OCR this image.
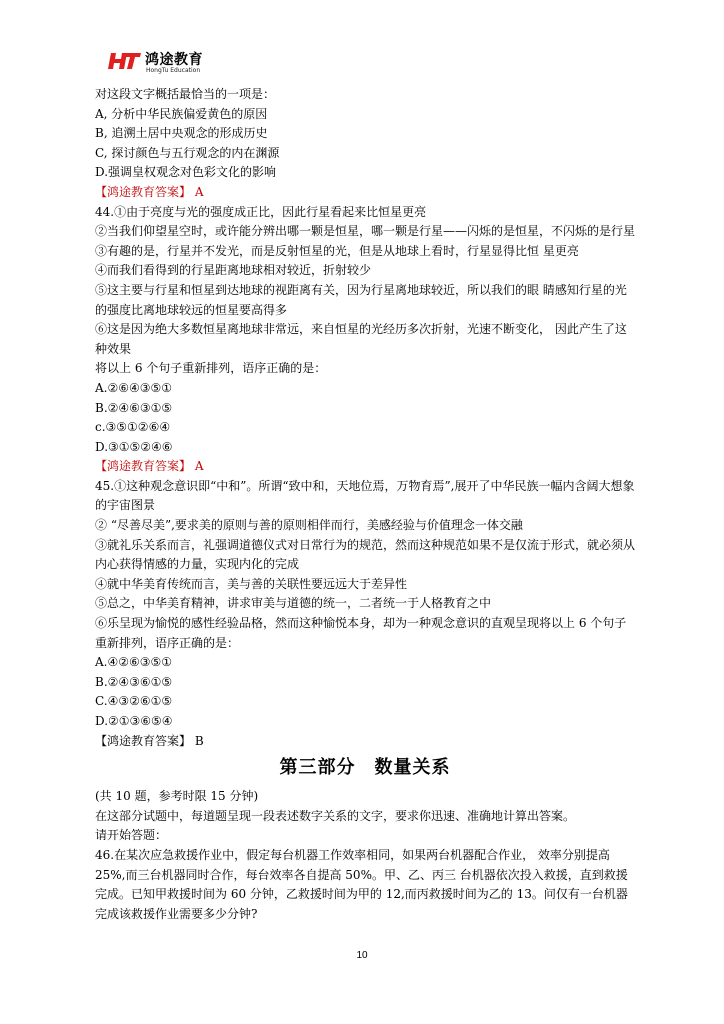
鸿途教育
HongTu Education
对这段文字概括最恰当的一项是：
A, 分析中华民族偏爱黄色的原因
B, 追溯土居中央观念的形成历史
C, 探讨颜色与五行观念的内在渊源
D.强调皇权观念对色彩文化的影响
【鸿途教育答案】 A
44.①由于亮度与光的强度成正比，因此行星看起来比恒星更亮
②当我们仰望星空时，或许能分辨出哪一颗是恒星，哪一颗是行星——闪烁的是恒星，不闪烁的是行星
③有趣的是，行星并不发光，而是反射恒星的光，但是从地球上看时，行星显得比恒 星更亮
④而我们看得到的行星距离地球相对较近，折射较少
⑤这主要与行星和恒星到达地球的视距离有关，因为行星离地球较近，所以我们的眼 睛感知行星的光的强度比离地球较远的恒星要高得多
⑥这是因为绝大多数恒星离地球非常远，来自恒星的光经历多次折射，光速不断变化， 因此产生了这种效果
将以上 6 个句子重新排列，语序正确的是：
A.②⑥④③⑤①
B.②④⑥③①⑤
c.③⑤①②⑥④
D.③①⑤②④⑥
【鸿途教育答案】 A
45.①这种观念意识即“中和”。所谓“致中和，天地位焉，万物育焉”,展开了中华民族一幅内含阔大想象的宇宙图景
② “尽善尽美”,要求美的原则与善的原则相伴而行，美感经验与价值理念一体交融
③就礼乐关系而言，礼强调道德仪式对日常行为的规范，然而这种规范如果不是仅流于形式，就必须从内心获得情感的力量，实现内化的完成
④就中华美育传统而言，美与善的关联性要远远大于差异性
⑤总之，中华美育精神，讲求审美与道德的统一，二者统一于人格教育之中
⑥乐呈现为愉悦的感性经验品格，然而这种愉悦本身，却为一种观念意识的直观呈现将以上 6 个句子重新排列，语序正确的是：
A.④②⑥③⑤①
B.②④③⑥①⑤
C.④③②⑥①⑤
D.②①③⑥⑤④
【鸿途教育答案】 B
第三部分　数量关系
(共 10 题，参考时限 15 分钟)
在这部分试题中，每道题呈现一段表述数字关系的文字，要求你迅速、准确地计算出答案。
请开始答题：
46.在某次应急救援作业中，假定每台机器工作效率相同，如果两台机器配合作业， 效率分别提高 25%,而三台机器同时合作，每台效率各自提高 50%。甲、乙、丙三 台机器依次投入救援，直到救援完成。已知甲救援时间为 60 分钟，乙救援时间为甲的 12,而丙救援时间为乙的 13。问仅有一台机器完成该救援作业需要多少分钟?
10
